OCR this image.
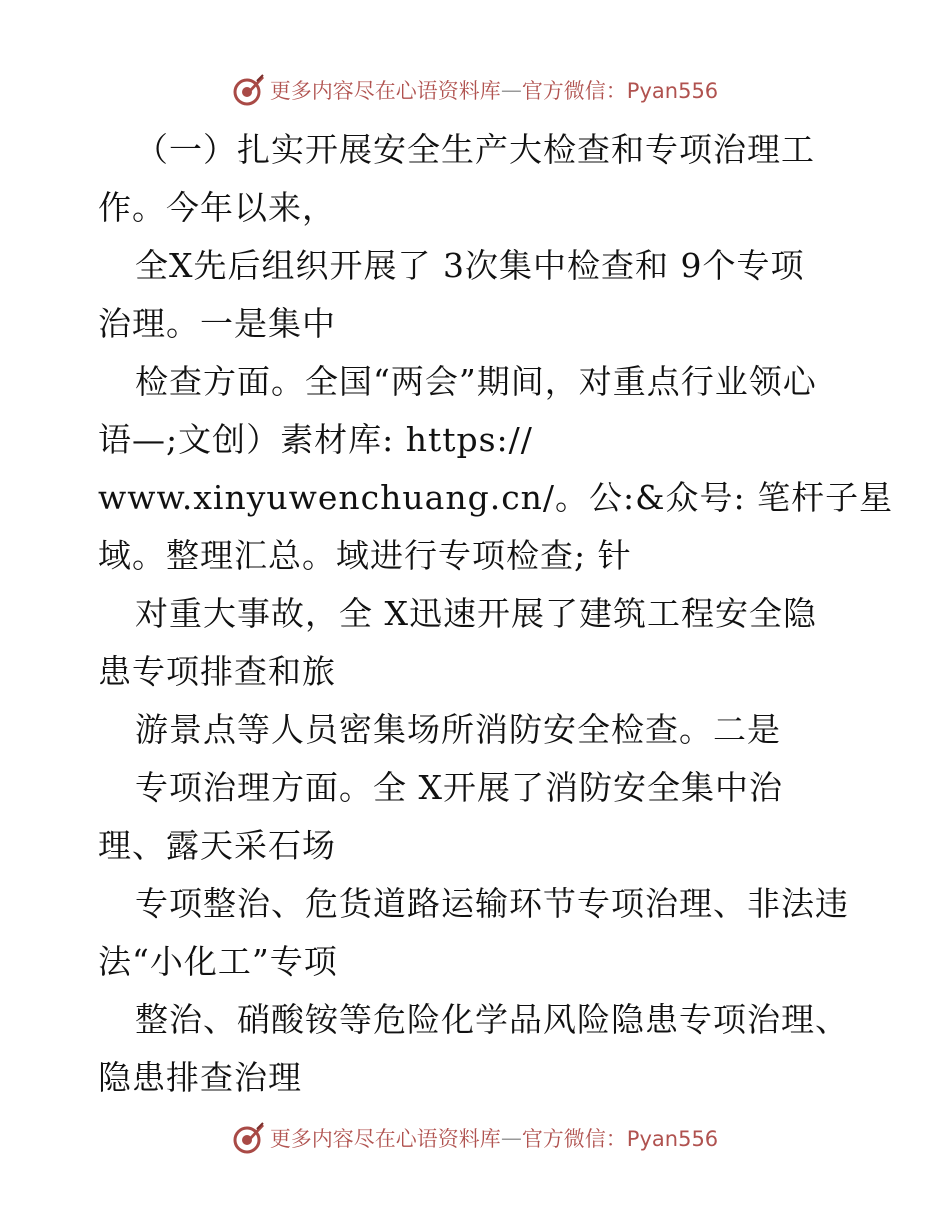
更多内容尽在心语资料库 — 官方微信：Pyan556
（一）扎实开展安全生产大检查和专项治理工
作。今年以来，
全X先后组织开展了 3次集中检查和 9个专项
治理。一是集中
检查方面。全国“两会”期间，对重点行业领心
语—;文创）素材库: https://
www.xinyuwenchuang.cn/。公:&众号: 笔杆子星
域。整理汇总。域进行专项检查; 针
对重大事故，全 X迅速开展了建筑工程安全隐
患专项排查和旅
游景点等人员密集场所消防安全检查。二是
专项治理方面。全 X开展了消防安全集中治
理、露天采石场
专项整治、危货道路运输环节专项治理、非法违
法“小化工”专项
整治、硝酸铵等危险化学品风险隐患专项治理、
隐患排查治理
更多内容尽在心语资料库 — 官方微信：Pyan556
